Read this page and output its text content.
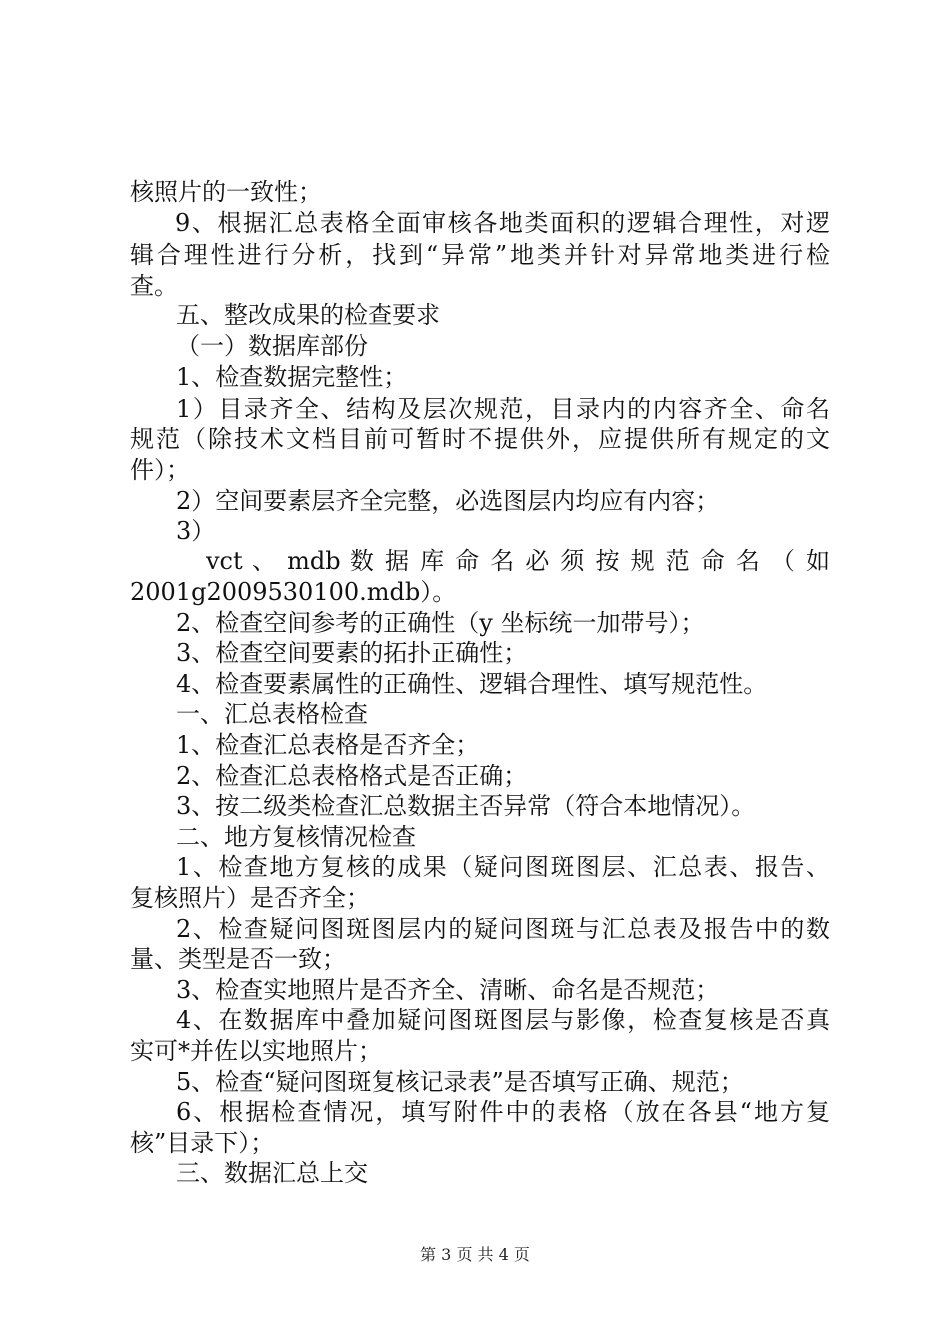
核照片的一致性；
9、根据汇总表格全面审核各地类面积的逻辑合理性，对逻
辑合理性进行分析，找到“异常”地类并针对异常地类进行检
查。
五、整改成果的检查要求
（一）数据库部份
1、检查数据完整性；
1）目录齐全、结构及层次规范，目录内的内容齐全、命名
规范（除技术文档目前可暂时不提供外，应提供所有规定的文
件）；
2）空间要素层齐全完整，必选图层内均应有内容；
3）
vct 、 mdb 数 据 库 命 名 必 须 按 规 范 命 名 （ 如
2001g2009530100.mdb）。
2、检查空间参考的正确性（y 坐标统一加带号）；
3、检查空间要素的拓扑正确性；
4、检查要素属性的正确性、逻辑合理性、填写规范性。
一、汇总表格检查
1、检查汇总表格是否齐全；
2、检查汇总表格格式是否正确；
3、按二级类检查汇总数据主否异常（符合本地情况）。
二、地方复核情况检查
1、检查地方复核的成果（疑问图斑图层、汇总表、报告、
复核照片）是否齐全；
2、检查疑问图斑图层内的疑问图斑与汇总表及报告中的数
量、类型是否一致；
3、检查实地照片是否齐全、清晰、命名是否规范；
4、在数据库中叠加疑问图斑图层与影像，检查复核是否真
实可*并佐以实地照片；
5、检查“疑问图斑复核记录表”是否填写正确、规范；
6、根据检查情况，填写附件中的表格（放在各县“地方复
核”目录下）；
三、数据汇总上交
第 3 页 共 4 页
